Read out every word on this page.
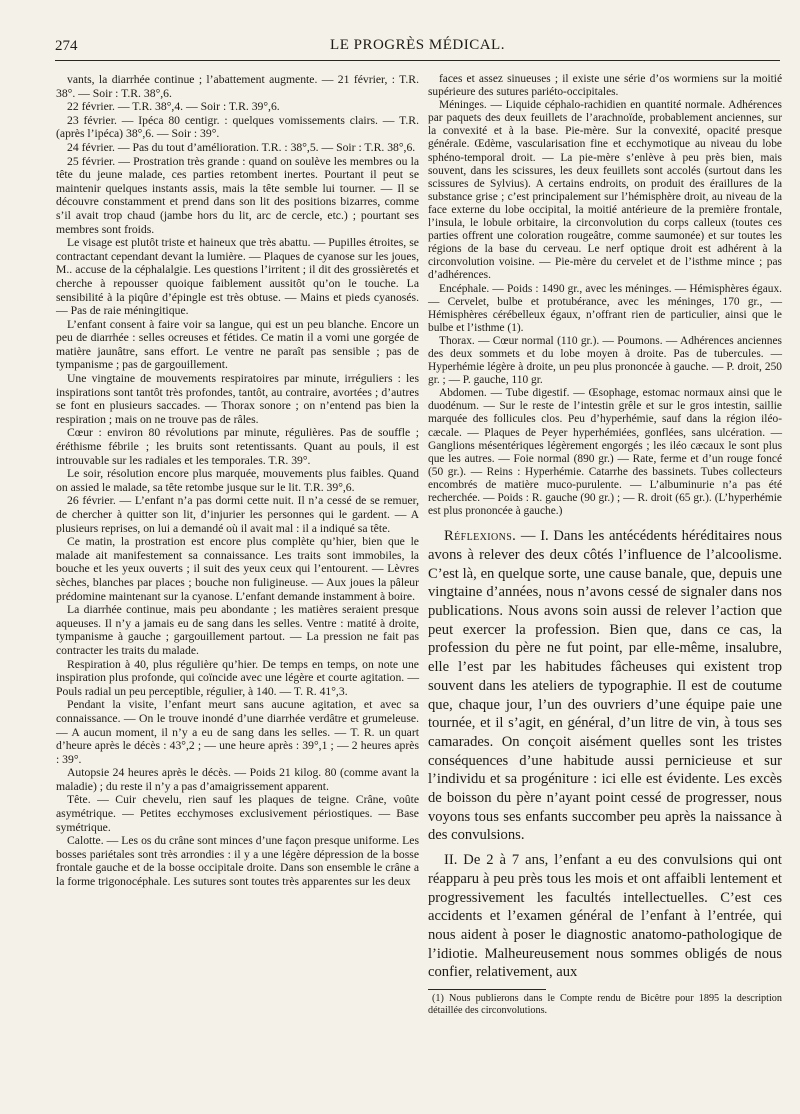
274	LE PROGRÈS MÉDICAL.

vants, la diarrhée continue ; l’abattement augmente. — 21 février, : T.R. 38°. — Soir : T.R. 38°,6.

22 février. — T.R. 38°,4. — Soir : T.R. 39°,6.

23 février. — Ipéca 80 centigr. : quelques vomissements clairs. — T.R. (après l’ipéca) 38°,6. — Soir : 39°.

24 février. — Pas du tout d’amélioration. T.R. : 38°,5. — Soir : T.R. 38°,6.

25 février. — Prostration très grande : quand on soulève les membres ou la tête du jeune malade, ces parties retombent inertes. Pourtant il peut se maintenir quelques instants assis, mais la tête semble lui tourner. — Il se découvre constamment et prend dans son lit des positions bizarres, comme s’il avait trop chaud (jambe hors du lit, arc de cercle, etc.) ; pourtant ses membres sont froids.

Le visage est plutôt triste et haineux que très abattu. — Pupilles étroites, se contractant cependant devant la lumière. — Plaques de cyanose sur les joues, M.. accuse de la céphalalgie. Les questions l’irritent ; il dit des grossièretés et cherche à repousser quoique faiblement aussitôt qu’on le touche. La sensibilité à la piqûre d’épingle est très obtuse. — Mains et pieds cyanosés. — Pas de raie méningitique.

L’enfant consent à faire voir sa langue, qui est un peu blanche. Encore un peu de diarrhée : selles ocreuses et fétides. Ce matin il a vomi une gorgée de matière jaunâtre, sans effort. Le ventre ne paraît pas sensible ; pas de tympanisme ; pas de gargouillement.

Une vingtaine de mouvements respiratoires par minute, irréguliers : les inspirations sont tantôt très profondes, tantôt, au contraire, avortées ; d’autres se font en plusieurs saccades. — Thorax sonore ; on n’entend pas bien la respiration ; mais on ne trouve pas de râles.

Cœur : environ 80 révolutions par minute, régulières. Pas de souffle ; éréthisme fébrile ; les bruits sont retentissants. Quant au pouls, il est introuvable sur les radiales et les temporales. T.R. 39°.

Le soir, résolution encore plus marquée, mouvements plus faibles. Quand on assied le malade, sa tête retombe jusque sur le lit. T.R. 39°,6.

26 février. — L’enfant n’a pas dormi cette nuit. Il n’a cessé de se remuer, de chercher à quitter son lit, d’injurier les personnes qui le gardent. — A plusieurs reprises, on lui a demandé où il avait mal : il a indiqué sa tête.

Ce matin, la prostration est encore plus complète qu’hier, bien que le malade ait manifestement sa connaissance. Les traits sont immobiles, la bouche et les yeux ouverts ; il suit des yeux ceux qui l’entourent. — Lèvres sèches, blanches par places ; bouche non fuligineuse. — Aux joues la pâleur prédomine maintenant sur la cyanose. L’enfant demande instamment à boire.

La diarrhée continue, mais peu abondante ; les matières seraient presque aqueuses. Il n’y a jamais eu de sang dans les selles. Ventre : matité à droite, tympanisme à gauche ; gargouillement partout. — La pression ne fait pas contracter les traits du malade.

Respiration à 40, plus régulière qu’hier. De temps en temps, on note une inspiration plus profonde, qui coïncide avec une légère et courte agitation. — Pouls radial un peu perceptible, régulier, à 140. — T. R. 41°,3.

Pendant la visite, l’enfant meurt sans aucune agitation, et avec sa connaissance. — On le trouve inondé d’une diarrhée verdâtre et grumeleuse. — A aucun moment, il n’y a eu de sang dans les selles. — T. R. un quart d’heure après le décès : 43°,2 ; — une heure après : 39°,1 ; — 2 heures après : 39°.

Autopsie 24 heures après le décès. — Poids 21 kilog. 80 (comme avant la maladie) ; du reste il n’y a pas d’amaigrissement apparent.

Tête. — Cuir chevelu, rien sauf les plaques de teigne. Crâne, voûte asymétrique. — Petites ecchymoses exclusivement périostiques. — Base symétrique.

Calotte. — Les os du crâne sont minces d’une façon presque uniforme. Les bosses pariétales sont très arrondies : il y a une légère dépression de la bosse frontale gauche et de la bosse occipitale droite. Dans son ensemble le crâne a la forme trigonocéphale. Les sutures sont toutes très apparentes sur les deux

faces et assez sinueuses ; il existe une série d’os wormiens sur la moitié supérieure des sutures pariéto-occipitales.

Méninges. — Liquide céphalo-rachidien en quantité normale. Adhérences par paquets des deux feuillets de l’arachnoïde, probablement anciennes, sur la convexité et à la base. Pie-mère. Sur la convexité, opacité presque générale. Œdème, vascularisation fine et ecchymotique au niveau du lobe sphéno-temporal droit. — La pie-mère s’enlève à peu près bien, mais souvent, dans les scissures, les deux feuillets sont accolés (surtout dans les scissures de Sylvius). A certains endroits, on produit des éraillures de la substance grise ; c’est principalement sur l’hémisphère droit, au niveau de la face externe du lobe occipital, la moitié antérieure de la première frontale, l’insula, le lobule orbitaire, la circonvolution du corps calleux (toutes ces parties offrent une coloration rougeâtre, comme saumonée) et sur toutes les régions de la base du cerveau. Le nerf optique droit est adhérent à la circonvolution voisine. — Pie-mère du cervelet et de l’isthme mince ; pas d’adhérences.

Encéphale. — Poids : 1490 gr., avec les méninges. — Hémisphères égaux. — Cervelet, bulbe et protubérance, avec les méninges, 170 gr., — Hémisphères cérébelleux égaux, n’offrant rien de particulier, ainsi que le bulbe et l’isthme (1).

Thorax. — Cœur normal (110 gr.). — Poumons. — Adhérences anciennes des deux sommets et du lobe moyen à droite. Pas de tubercules. — Hyperhémie légère à droite, un peu plus prononcée à gauche. — P. droit, 250 gr. ; — P. gauche, 110 gr.

Abdomen. — Tube digestif. — Œsophage, estomac normaux ainsi que le duodénum. — Sur le reste de l’intestin grêle et sur le gros intestin, saillie marquée des follicules clos. Peu d’hyperhémie, sauf dans la région iléo-cæcale. — Plaques de Peyer hyperhémiées, gonflées, sans ulcération. — Ganglions mésentériques légèrement engorgés ; les iléo cæcaux le sont plus que les autres. — Foie normal (890 gr.) — Rate, ferme et d’un rouge foncé (50 gr.). — Reins : Hyperhémie. Catarrhe des bassinets. Tubes collecteurs encombrés de matière muco-purulente. — L’albuminurie n’a pas été recherchée. — Poids : R. gauche (90 gr.) ; — R. droit (65 gr.). (L’hyperhémie est plus prononcée à gauche.)

Réflexions. — I. Dans les antécédents héréditaires nous avons à relever des deux côtés l’influence de l’alcoolisme. C’est là, en quelque sorte, une cause banale, que, depuis une vingtaine d’années, nous n’avons cessé de signaler dans nos publications. Nous avons soin aussi de relever l’action que peut exercer la profession. Bien que, dans ce cas, la profession du père ne fut point, par elle-même, insalubre, elle l’est par les habitudes fâcheuses qui existent trop souvent dans les ateliers de typographie. Il est de coutume que, chaque jour, l’un des ouvriers d’une équipe paie une tournée, et il s’agit, en général, d’un litre de vin, à tous ses camarades. On conçoit aisément quelles sont les tristes conséquences d’une habitude aussi pernicieuse et sur l’individu et sa progéniture : ici elle est évidente. Les excès de boisson du père n’ayant point cessé de progresser, nous voyons tous ses enfants succomber peu après la naissance à des convulsions.

II. De 2 à 7 ans, l’enfant a eu des convulsions qui ont réapparu à peu près tous les mois et ont affaibli lentement et progressivement les facultés intellectuelles. C’est ces accidents et l’examen général de l’enfant à l’entrée, qui nous aident à poser le diagnostic anatomo-pathologique de l’idiotie. Malheureusement nous sommes obligés de nous confier, relativement, aux

(1) Nous publierons dans le Compte rendu de Bicêtre pour 1895 la description détaillée des circonvolutions.
